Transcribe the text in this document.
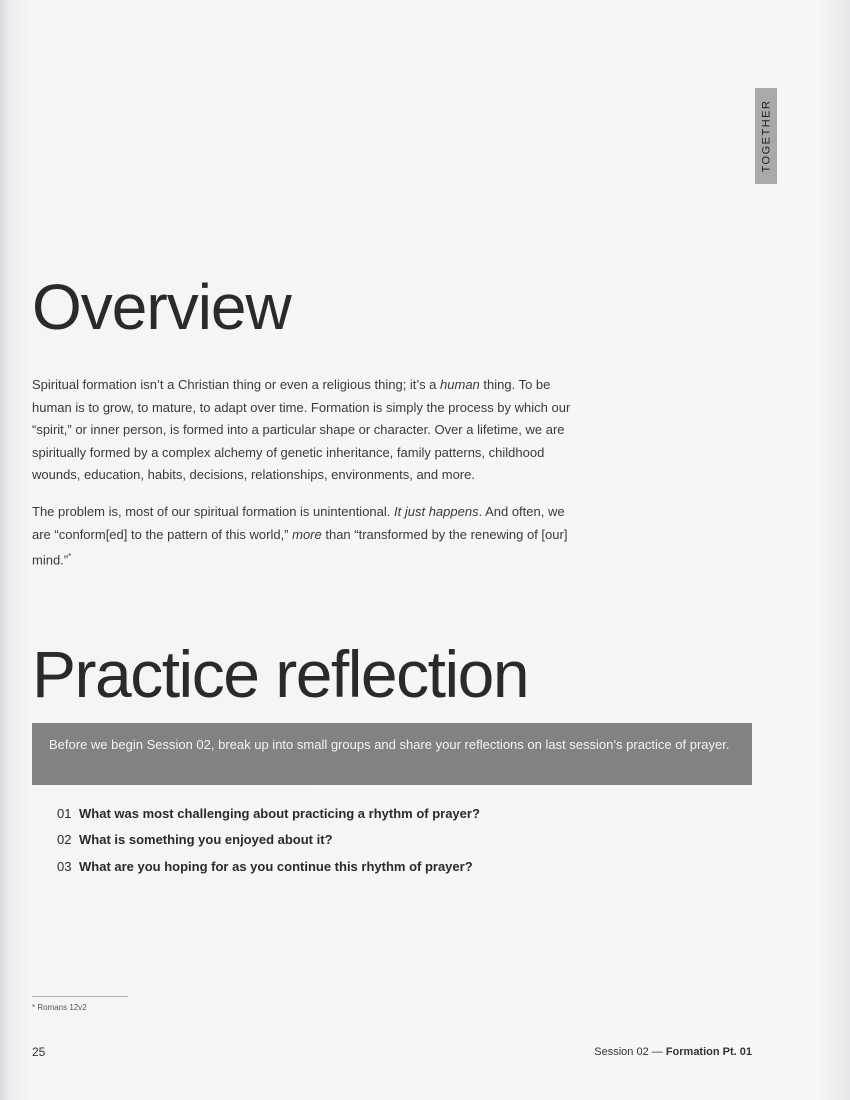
TOGETHER
Overview

Spiritual formation isn’t a Christian thing or even a religious thing; it’s a human thing. To be human is to grow, to mature, to adapt over time. Formation is simply the process by which our “spirit,” or inner person, is formed into a particular shape or character. Over a lifetime, we are spiritually formed by a complex alchemy of genetic inheritance, family patterns, childhood wounds, education, habits, decisions, relationships, environments, and more.

The problem is, most of our spiritual formation is unintentional. It just happens. And often, we are “conform[ed] to the pattern of this world,” more than “transformed by the renewing of [our] mind.”*

Practice reflection
Before we begin Session 02, break up into small groups and share your reflections on last session’s practice of prayer.
01 What was most challenging about practicing a rhythm of prayer?
02 What is something you enjoyed about it?
03 What are you hoping for as you continue this rhythm of prayer?
* Romans 12v2
25	Session 02 — Formation Pt. 01
